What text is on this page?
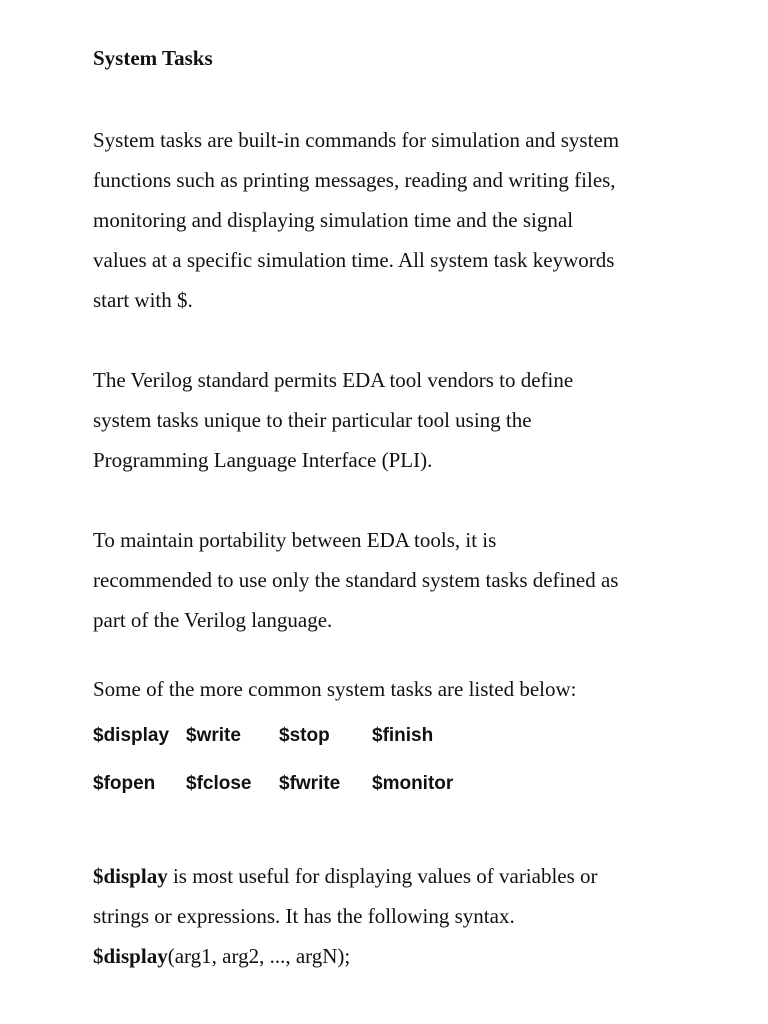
System Tasks
System tasks are built-in commands for simulation and system
functions such as printing messages, reading and writing files,
monitoring and displaying simulation time and the signal
values at a specific simulation time. All system task keywords
start with $.
The Verilog standard permits EDA tool vendors to define
system tasks unique to their particular tool using the
Programming Language Interface (PLI).
To maintain portability between EDA tools, it is
recommended to use only the standard system tasks defined as
part of the Verilog language.
Some of the more common system tasks are listed below:
$display $write $stop $finish
$fopen $fclose $fwrite $monitor
$display is most useful for displaying values of variables or
strings or expressions. It has the following syntax.
$display(arg1, arg2, ..., argN);
